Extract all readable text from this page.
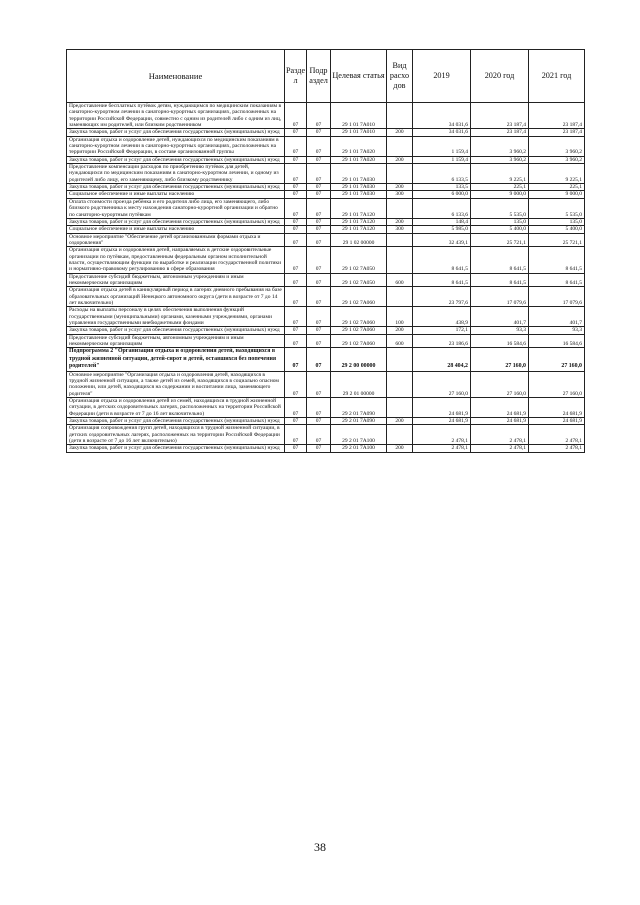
Наименование	Разде л	Подр аздел	Целевая статья	Вид расхо дов	2019	2020 год	2021 год
Предоставление бесплатных путёвок детям, нуждающимся по медицинским показаниям в санаторно-курортном лечении в санаторно-курортных организациях, расположенных на территории Российской Федерации, совместно с одним из родителей либо с одним из лиц, заменяющих им родителей, или близким родственником	07	07	29 1 01 7А010		34 031,6	23 187,4	23 187,4
Закупка товаров, работ и услуг для обеспечения государственных (муниципальных) нужд	07	07	29 1 01 7А010	200	34 031,6	23 187,4	23 187,4
Организация отдыха и оздоровление детей, нуждающихся по медицинским показаниям в санаторно-курортном лечении в санаторно-курортных организациях, расположенных на территории Российской Федерации, в составе организованной группы	07	07	29 1 01 7А020		1 159,4	3 960,2	3 960,2
Закупка товаров, работ и услуг для обеспечения государственных (муниципальных) нужд	07	07	29 1 01 7А020	200	1 159,4	3 960,2	3 960,2
Предоставление компенсации расходов по приобретению путёвок для детей, нуждающихся по медицинским показаниям в санаторно-курортном лечении, и одному из родителей либо лицу, его заменяющему, либо близкому родственнику	07	07	29 1 01 7А030		6 133,5	9 225,1	9 225,1
Закупка товаров, работ и услуг для обеспечения государственных (муниципальных) нужд	07	07	29 1 01 7А030	200	133,5	225,1	225,1
Социальное обеспечение и иные выплаты населению	07	07	29 1 01 7А030	300	6 000,0	9 000,0	9 000,0
Оплата стоимости проезда ребёнка и его родителя либо лица, его заменяющего, либо близкого родственника к месту нахождения санаторно-курортной организации и обратно по санаторно-курортным путёвкам	07	07	29 1 01 7А120		6 133,6	5 535,0	5 535,0
Закупка товаров, работ и услуг для обеспечения государственных (муниципальных) нужд	07	07	29 1 01 7А120	200	148,4	135,0	135,0
Социальное обеспечение и иные выплаты населению	07	07	29 1 01 7А120	300	5 985,0	5 400,0	5 400,0
Основное мероприятие "Обеспечение детей организованными формами отдыха и оздоровления"	07	07	29 1 02 00000		32 439,1	25 721,1	25 721,1
Организация отдыха и оздоровления детей, направляемых в детские оздоровительные организации по путёвкам, предоставленным федеральным органом исполнительной власти, осуществляющим функции по выработке и реализации государственной политики и нормативно-правовому регулированию в сфере образования	07	07	29 1 02 7А050		8 641,5	8 641,5	8 641,5
Предоставление субсидий бюджетным, автономным учреждениям и иным некоммерческим организациям	07	07	29 1 02 7А050	600	8 641,5	8 641,5	8 641,5
Организация отдыха детей в каникулярный период в лагерях дневного пребывания на базе образовательных организаций Ненецкого автономного округа (дети в возрасте от 7 до 14 лет включительно)	07	07	29 1 02 7А060		23 797,6	17 079,6	17 079,6
Расходы на выплаты персоналу в целях обеспечения выполнения функций государственными (муниципальными) органами, казенными учреждениями, органами управления государственными внебюджетными фондами	07	07	29 1 02 7А060	100	438,9	401,7	401,7
Закупка товаров, работ и услуг для обеспечения государственных (муниципальных) нужд	07	07	29 1 02 7А060	200	172,1	93,3	93,3
Предоставление субсидий бюджетным, автономным учреждениям и иным некоммерческим организациям	07	07	29 1 02 7А060	600	23 186,6	16 584,6	16 584,6
Подпрограмма 2 "Организация отдыха и оздоровления детей, находящихся в трудной жизненной ситуации, детей-сирот и детей, оставшихся без попечения родителей"	07	07	29 2 00 00000		28 404,2	27 160,0	27 160,0
Основное мероприятие "Организация отдыха и оздоровления детей, находящихся в трудной жизненной ситуации, а также детей из семей, находящихся в социально опасном положении, или детей, находящихся на содержании и воспитании лица, заменяющего родителя"	07	07	29 2 01 00000		27 160,0	27 160,0	27 160,0
Организация отдыха и оздоровления детей из семей, находящихся в трудной жизненной ситуации, в детских оздоровительных лагерях, расположенных на территории Российской Федерации (дети в возрасте от 7 до 16 лет включительно)	07	07	29 2 01 7А090		24 681,9	24 681,9	24 681,9
Закупка товаров, работ и услуг для обеспечения государственных (муниципальных) нужд	07	07	29 2 01 7А090	200	24 681,9	24 681,9	24 681,9
Организация сопровождения групп детей, находящихся в трудной жизненной ситуации, в детских оздоровительных лагерях, расположенных на территории Российской Федерации (дети в возрасте от 7 до 16 лет включительно)	07	07	29 2 01 7А100		2 478,1	2 478,1	2 478,1
Закупка товаров, работ и услуг для обеспечения государственных (муниципальных) нужд	07	07	29 2 01 7А100	200	2 478,1	2 478,1	2 478,1
38
